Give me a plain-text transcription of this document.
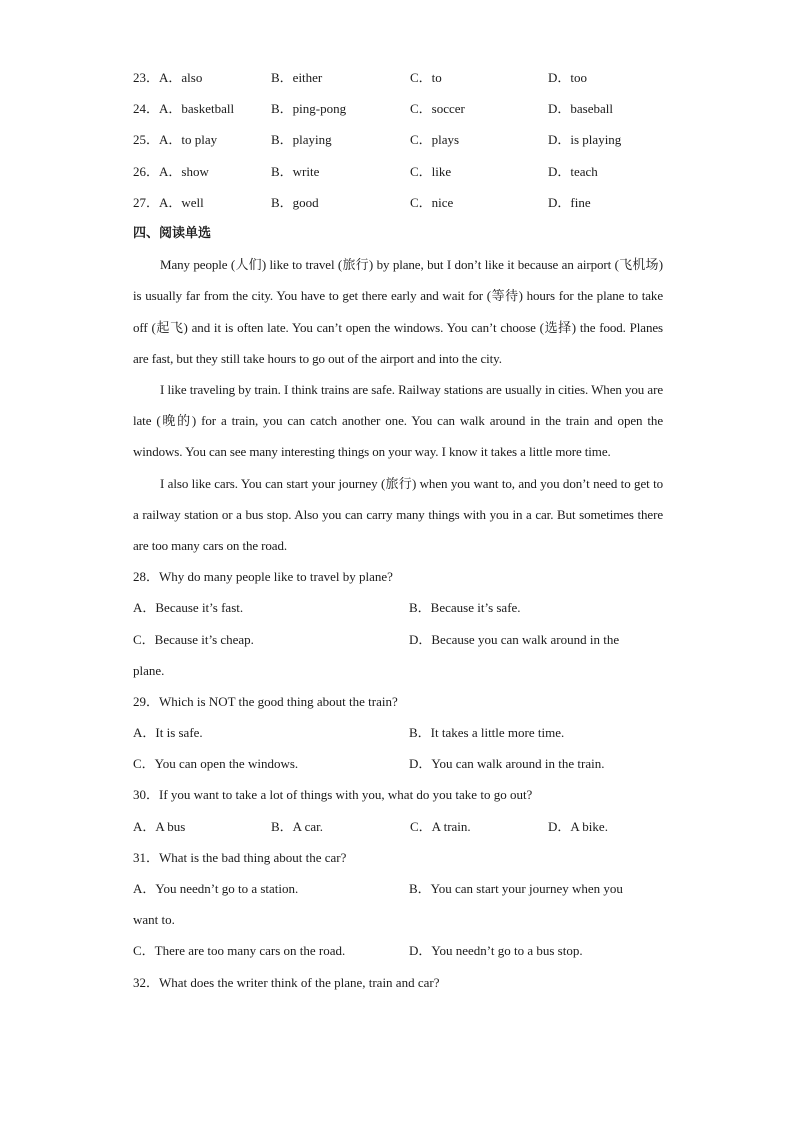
23．A．also	B．either	C．to	D．too
24．A．basketball	B．ping-pong	C．soccer	D．baseball
25．A．to play	B．playing	C．plays	D．is playing
26．A．show	B．write	C．like	D．teach
27．A．well	B．good	C．nice	D．fine
四、阅读单选

Many people (人们) like to travel (旅行) by plane, but I don’t like it because an airport (飞机场) is usually far from the city. You have to get there early and wait for (等待) hours for the plane to take off (起飞) and it is often late. You can’t open the windows. You can’t choose (选择) the food. Planes are fast, but they still take hours to go out of the airport and into the city.

I like traveling by train. I think trains are safe. Railway stations are usually in cities. When you are late (晚的) for a train, you can catch another one. You can walk around in the train and open the windows. You can see many interesting things on your way. I know it takes a little more time.

I also like cars. You can start your journey (旅行) when you want to, and you don’t need to get to a railway station or a bus stop. Also you can carry many things with you in a car. But sometimes there are too many cars on the road.

28．Why do many people like to travel by plane?
A．Because it’s fast.	B．Because it’s safe.
C．Because it’s cheap.	D．Because you can walk around in the
plane.
29．Which is NOT the good thing about the train?
A．It is safe.	B．It takes a little more time.
C．You can open the windows.	D．You can walk around in the train.
30．If you want to take a lot of things with you, what do you take to go out?
A．A bus	B．A car.	C．A train.	D．A bike.
31．What is the bad thing about the car?
A．You needn’t go to a station.	B．You can start your journey when you
want to.
C．There are too many cars on the road.	D．You needn’t go to a bus stop.
32．What does the writer think of the plane, train and car?
